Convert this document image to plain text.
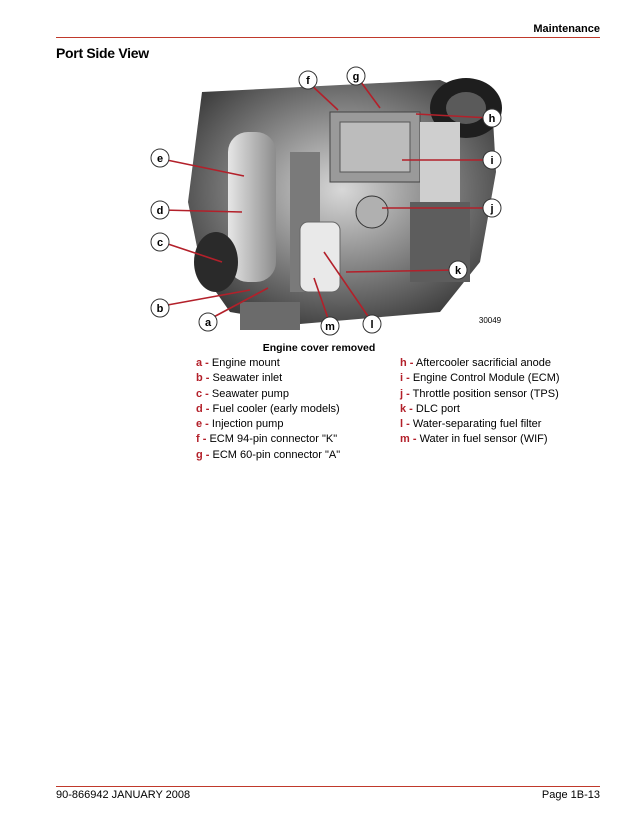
Maintenance
Port Side View
30049
a
b
c
d
e
f	g
h
i
j
k
l
m
Engine cover removed
a - Engine mount
b - Seawater inlet
c - Seawater pump
d - Fuel cooler (early models)
e - Injection pump
f - ECM 94-pin connector "K"
g - ECM 60-pin connector "A"
h - Aftercooler sacrificial anode
i - Engine Control Module (ECM)
j - Throttle position sensor (TPS)
k - DLC port
l - Water-separating fuel filter
m - Water in fuel sensor (WIF)
90-866942 JANUARY 2008	Page 1B-13
